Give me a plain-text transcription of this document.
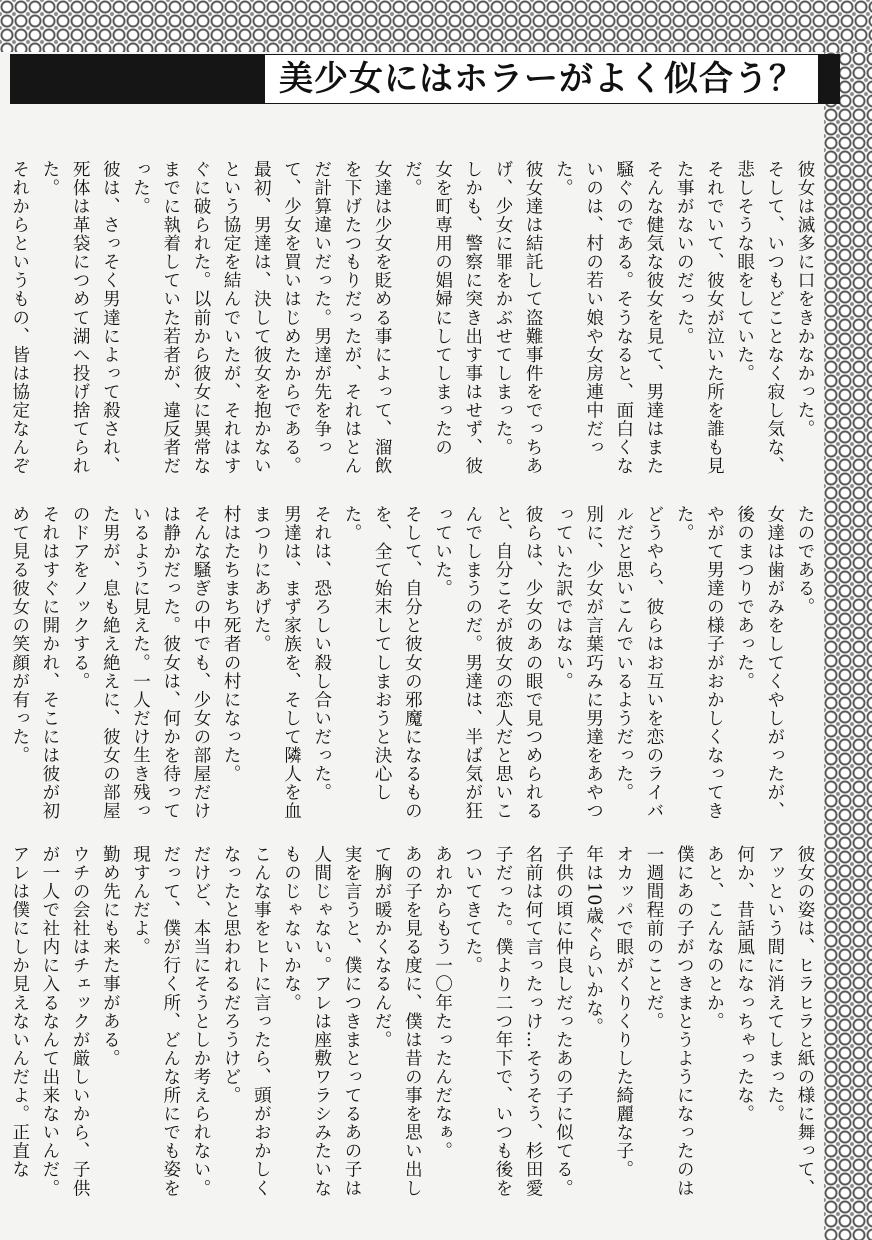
美少女にはホラーがよく似合う？

彼女は滅多に口をきかなかった。

そして、いつもどことなく寂し気な、悲しそうな眼をしていた。

それでいて、彼女が泣いた所を誰も見た事がないのだった。

そんな健気な彼女を見て、男達はまた騒ぐのである。そうなると、面白くないのは、村の若い娘や女房連中だった。

彼女達は結託して盗難事件をでっちあげ、少女に罪をかぶせてしまった。

しかも、警察に突き出す事はせず、彼女を町専用の娼婦にしてしまったのだ。

女達は少女を貶める事によって、溜飲を下げたつもりだったが、それはとんだ計算違いだった。男達が先を争って、少女を買いはじめたからである。

最初、男達は、決して彼女を抱かないという協定を結んでいたが、それはすぐに破られた。以前から彼女に異常なまでに執着していた若者が、違反者だった。

彼は、さっそく男達によって殺され、死体は革袋につめて湖へ投げ捨てられた。

それからというもの、皆は協定なんぞ

たのである。

女達は歯がみをしてくやしがったが、後のまつりであった。

やがて男達の様子がおかしくなってきた。

どうやら、彼らはお互いを恋のライバルだと思いこんでいるようだった。

別に、少女が言葉巧みに男達をあやつっていた訳ではない。

彼らは、少女のあの眼で見つめられると、自分こそが彼女の恋人だと思いこんでしまうのだ。男達は、半ば気が狂っていた。

そして、自分と彼女の邪魔になるものを、全て始末してしまおうと決心した。

それは、恐ろしい殺し合いだった。

男達は、まず家族を、そして隣人を血まつりにあげた。

村はたちまち死者の村になった。

そんな騒ぎの中でも、少女の部屋だけは静かだった。彼女は、何かを待っているように見えた。一人だけ生き残った男が、息も絶え絶えに、彼女の部屋のドアをノックする。

それはすぐに開かれ、そこには彼が初めて見る彼女の笑顔が有った。

彼女の姿は、ヒラヒラと紙の様に舞って、アッという間に消えてしまった。

何か、昔話風になっちゃったな。

あと、こんなのとか。

僕にあの子がつきまとうようになったのは一週間程前のことだ。

オカッパで眼がくりくりした綺麗な子。

年は10歳ぐらいかな。

子供の頃に仲良しだったあの子に似てる。名前は何て言ったっけ…そうそう、杉田愛子だった。僕より二つ年下で、いつも後をついてきてた。

あれからもう一〇年たったんだなぁ。

あの子を見る度に、僕は昔の事を思い出して胸が暖かくなるんだ。

実を言うと、僕につきまとってるあの子は人間じゃない。アレは座敷ワラシみたいなものじゃないかな。

こんな事をヒトに言ったら、頭がおかしくなったと思われるだろうけど。

だけど、本当にそうとしか考えられない。だって、僕が行く所、どんな所にでも姿を現すんだよ。

勤め先にも来た事がある。

ウチの会社はチェックが厳しいから、子供が一人で社内に入るなんて出来ないんだ。

アレは僕にしか見えないんだよ。正直な
